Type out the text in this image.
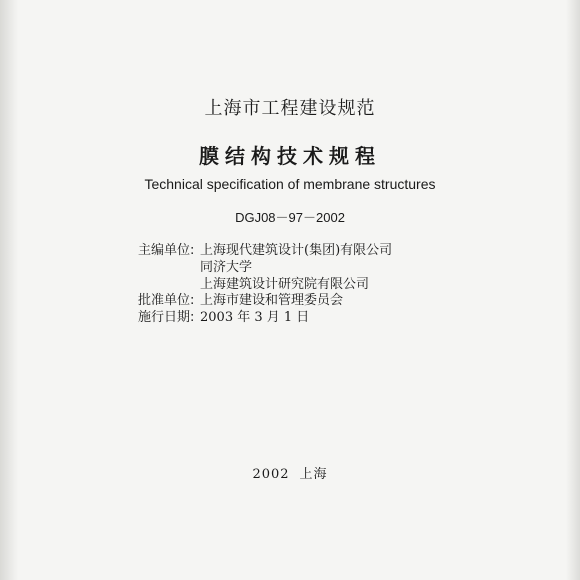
上海市工程建设规范
膜结构技术规程
Technical specification of membrane structures
DGJ08－97－2002
主编单位: 上海现代建筑设计(集团)有限公司
同济大学
上海建筑设计研究院有限公司
批准单位: 上海市建设和管理委员会
施行日期: 2003 年 3 月 1 日
2002 上海
